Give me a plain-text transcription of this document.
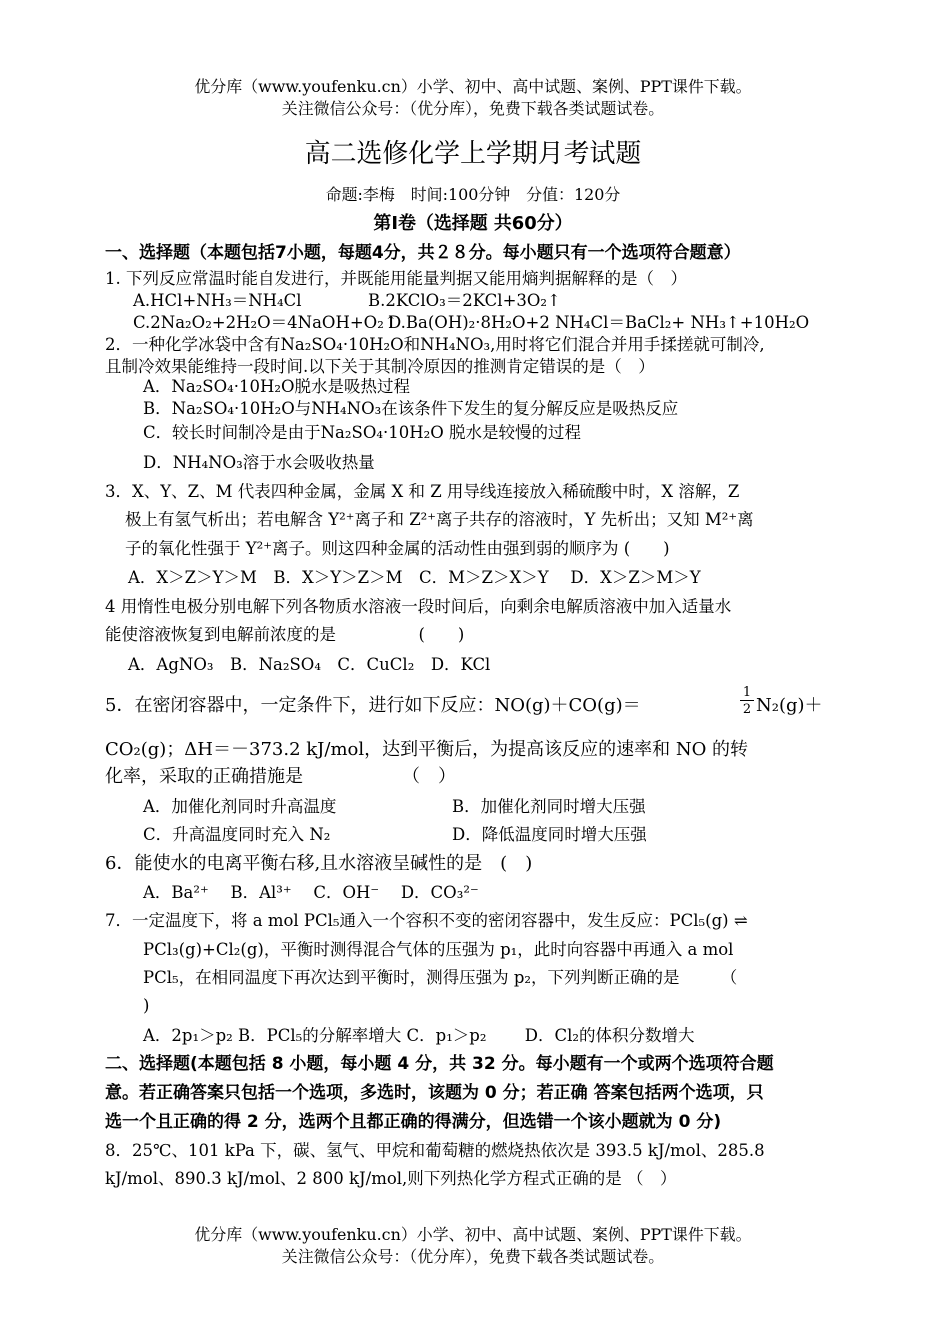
优分库（www.youfenku.cn）小学、初中、高中试题、案例、PPT课件下载。
关注微信公众号：（优分库），免费下载各类试题试卷。
高二选修化学上学期月考试题
命题:李梅　时间:100分钟　分值：120分
第Ⅰ卷（选择题 共60分）
一、选择题（本题包括7小题，每题4分，共２８分。每小题只有一个选项符合题意）
1. 下列反应常温时能自发进行，并既能用能量判据又能用熵判据解释的是（　）
A.HCl+NH₃＝NH₄Cl	B.2KClO₃＝2KCl+3O₂↑
C.2Na₂O₂+2H₂O＝4NaOH+O₂↑
D.Ba(OH)₂·8H₂O+2 NH₄Cl＝BaCl₂+ NH₃↑+10H₂O
2．一种化学冰袋中含有Na₂SO₄·10H₂O和NH₄NO₃,用时将它们混合并用手揉搓就可制冷,
且制冷效果能维持一段时间.以下关于其制冷原因的推测肯定错误的是（　）
A．Na₂SO₄·10H₂O脱水是吸热过程
B．Na₂SO₄·10H₂O与NH₄NO₃在该条件下发生的复分解反应是吸热反应
C．较长时间制冷是由于Na₂SO₄·10H₂O 脱水是较慢的过程
D．NH₄NO₃溶于水会吸收热量
3．X、Y、Z、M 代表四种金属，金属 X 和 Z 用导线连接放入稀硫酸中时，X 溶解，Z
极上有氢气析出；若电解含 Y²⁺离子和 Z²⁺离子共存的溶液时，Y 先析出；又知 M²⁺离
子的氧化性强于 Y²⁺离子。则这四种金属的活动性由强到弱的顺序为 (　　)
A．X＞Z＞Y＞M　B．X＞Y＞Z＞M　C．M＞Z＞X＞Y　 D．X＞Z＞M＞Y
4 用惰性电极分别电解下列各物质水溶液一段时间后，向剩余电解质溶液中加入适量水
能使溶液恢复到电解前浓度的是　　　　　(　　)
A．AgNO₃　B．Na₂SO₄　C．CuCl₂　D．KCl
5．在密闭容器中，一定条件下，进行如下反应：NO(g)＋CO(g)＝	$\frac{1}{2} N_2(g)+$
CO₂(g)；ΔH＝－373.2 kJ/mol，达到平衡后，为提高该反应的速率和 NO 的转
化率，采取的正确措施是　　　　　　（　）
A．加催化剂同时升高温度	B．加催化剂同时增大压强
C．升高温度同时充入 N₂	D．降低温度同时增大压强
6．能使水的电离平衡右移,且水溶液呈碱性的是　(　)
A．Ba²⁺　 B．Al³⁺　 C．OH⁻　 D．CO₃²⁻
7．一定温度下，将 a mol PCl₅通入一个容积不变的密闭容器中，发生反应：PCl₅(g) ⇌
PCl₃(g)+Cl₂(g)，平衡时测得混合气体的压强为 p₁，此时向容器中再通入 a mol
PCl₅，在相同温度下再次达到平衡时，测得压强为 p₂，下列判断正确的是　　　（
)
A．2p₁＞p₂ B．PCl₅的分解率增大 C．p₁＞p₂　　 D．Cl₂的体积分数增大
二、选择题(本题包括 8 小题，每小题 4 分，共 32 分。每小题有一个或两个选项符合题
意。若正确答案只包括一个选项，多选时，该题为 0 分；若正确 答案包括两个选项，只
选一个且正确的得 2 分，选两个且都正确的得满分，但选错一个该小题就为 0 分)
8．25℃、101 kPa 下，碳、氢气、甲烷和葡萄糖的燃烧热依次是 393.5 kJ/mol、285.8
kJ/mol、890.3 kJ/mol、2 800 kJ/mol,则下列热化学方程式正确的是 （　）
优分库（www.youfenku.cn）小学、初中、高中试题、案例、PPT课件下载。
关注微信公众号：（优分库），免费下载各类试题试卷。
